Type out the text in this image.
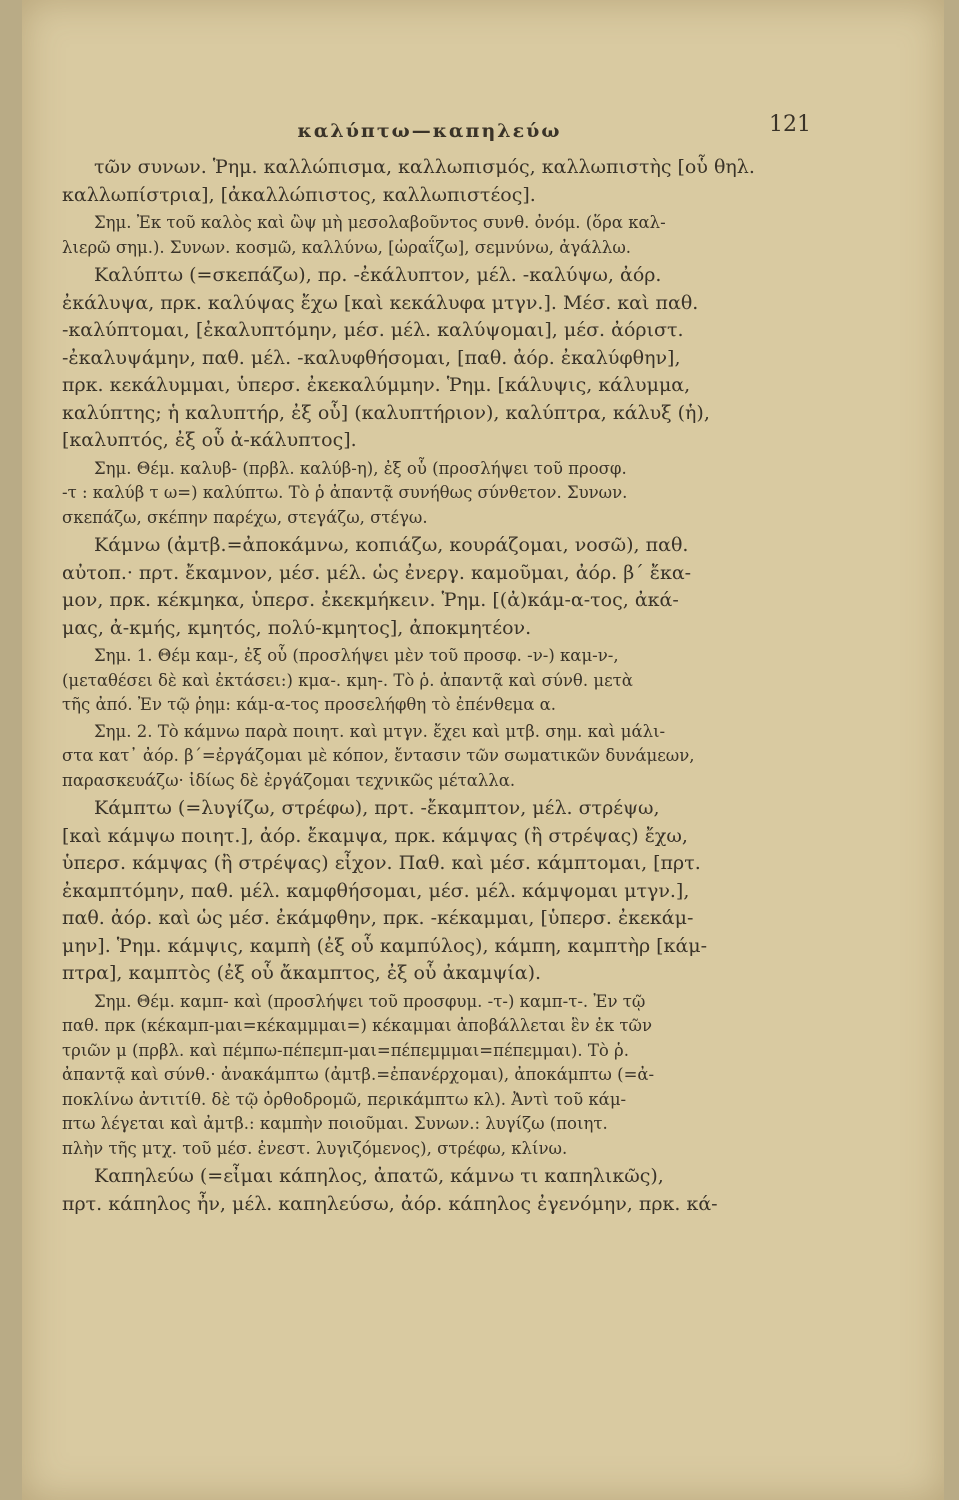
καλύπτω—καπηλεύω	121
τῶν συνων. Ῥημ. καλλώπισμα, καλλωπισμός, καλλωπιστὴς [οὗ θηλ.
καλλωπίστρια], [ἀκαλλώπιστος, καλλωπιστέος].
Σημ. Ἐκ τοῦ καλὸς καὶ ὢψ μὴ μεσολαβοῦντος συνθ. ὀνόμ. (ὅρα καλ-
λιερῶ σημ.). Συνων. κοσμῶ, καλλύνω, [ὡραΐζω], σεμνύνω, ἀγάλλω.
Καλύπτω (=σκεπάζω), πρ. -ἐκάλυπτον, μέλ. -καλύψω, ἀόρ.
ἐκάλυψα, πρκ. καλύψας ἔχω [καὶ κεκάλυφα μτγν.]. Μέσ. καὶ παθ.
-καλύπτομαι, [ἐκαλυπτόμην, μέσ. μέλ. καλύψομαι], μέσ. ἀόριστ.
-ἐκαλυψάμην, παθ. μέλ. -καλυφθήσομαι, [παθ. ἀόρ. ἐκαλύφθην],
πρκ. κεκάλυμμαι, ὑπερσ. ἐκεκαλύμμην. Ῥημ. [κάλυψις, κάλυμμα,
καλύπτης; ἡ καλυπτήρ, ἐξ οὗ] (καλυπτήριον), καλύπτρα, κάλυξ (ἡ),
[καλυπτός, ἐξ οὗ ἀ-κάλυπτος].
Σημ. Θέμ. καλυβ- (πρβλ. καλύβ-η), ἐξ οὗ (προσλήψει τοῦ προσφ.
-τ : καλύβ τ ω=) καλύπτω. Τὸ ῥ ἀπαντᾷ συνήθως σύνθετον. Συνων.
σκεπάζω, σκέπην παρέχω, στεγάζω, στέγω.
Κάμνω (ἀμτβ.=ἀποκάμνω, κοπιάζω, κουράζομαι, νοσῶ), παθ.
αὐτοπ.· πρτ. ἔκαμνον, μέσ. μέλ. ὡς ἐνεργ. καμοῦμαι, ἀόρ. β΄ ἔκα-
μον, πρκ. κέκμηκα, ὑπερσ. ἐκεκμήκειν. Ῥημ. [(ἀ)κάμ-α-τος, ἀκά-
μας, ἀ-κμής, κμητός, πολύ-κμητος], ἀποκμητέον.
Σημ. 1. Θέμ καμ-, ἐξ οὗ (προσλήψει μὲν τοῦ προσφ. -ν-) καμ-ν-,
(μεταθέσει δὲ καὶ ἐκτάσει:) κμα-. κμη-. Τὸ ῥ. ἀπαντᾷ καὶ σύνθ. μετὰ
τῆς ἀπό. Ἐν τῷ ῥημ: κάμ-α-τος προσελήφθη τὸ ἐπένθεμα α.
Σημ. 2. Τὸ κάμνω παρὰ ποιητ. καὶ μτγν. ἔχει καὶ μτβ. σημ. καὶ μάλι-
στα κατ᾿ ἀόρ. β΄=ἐργάζομαι μὲ κόπον, ἔντασιν τῶν σωματικῶν δυνάμεων,
παρασκευάζω· ἰδίως δὲ ἐργάζομαι τεχνικῶς μέταλλα.
Κάμπτω (=λυγίζω, στρέφω), πρτ. -ἔκαμπτον, μέλ. στρέψω,
[καὶ κάμψω ποιητ.], ἀόρ. ἔκαμψα, πρκ. κάμψας (ἢ στρέψας) ἔχω,
ὑπερσ. κάμψας (ἢ στρέψας) εἶχον. Παθ. καὶ μέσ. κάμπτομαι, [πρτ.
ἐκαμπτόμην, παθ. μέλ. καμφθήσομαι, μέσ. μέλ. κάμψομαι μτγν.],
παθ. ἀόρ. καὶ ὡς μέσ. ἐκάμφθην, πρκ. -κέκαμμαι, [ὑπερσ. ἐκεκάμ-
μην]. Ῥημ. κάμψις, καμπὴ (ἐξ οὗ καμπύλος), κάμπη, καμπτὴρ [κάμ-
πτρα], καμπτὸς (ἐξ οὗ ἄκαμπτος, ἐξ οὗ ἀκαμψία).
Σημ. Θέμ. καμπ- καὶ (προσλήψει τοῦ προσφυμ. -τ-) καμπ-τ-. Ἐν τῷ
παθ. πρκ (κέκαμπ-μαι=κέκαμμμαι=) κέκαμμαι ἀποβάλλεται ἓν ἐκ τῶν
τριῶν μ (πρβλ. καὶ πέμπω-πέπεμπ-μαι=πέπεμμμαι=πέπεμμαι). Τὸ ῥ.
ἀπαντᾷ καὶ σύνθ.· ἀνακάμπτω (ἀμτβ.=ἐπανέρχομαι), ἀποκάμπτω (=ἀ-
ποκλίνω ἀντιτίθ. δὲ τῷ ὀρθοδρομῶ, περικάμπτω κλ). Ἀντὶ τοῦ κάμ-
πτω λέγεται καὶ ἀμτβ.: καμπὴν ποιοῦμαι. Συνων.: λυγίζω (ποιητ.
πλὴν τῆς μτχ. τοῦ μέσ. ἐνεστ. λυγιζόμενος), στρέφω, κλίνω.
Καπηλεύω (=εἶμαι κάπηλος, ἀπατῶ, κάμνω τι καπηλικῶς),
πρτ. κάπηλος ἦν, μέλ. καπηλεύσω, ἀόρ. κάπηλος ἐγενόμην, πρκ. κά-
